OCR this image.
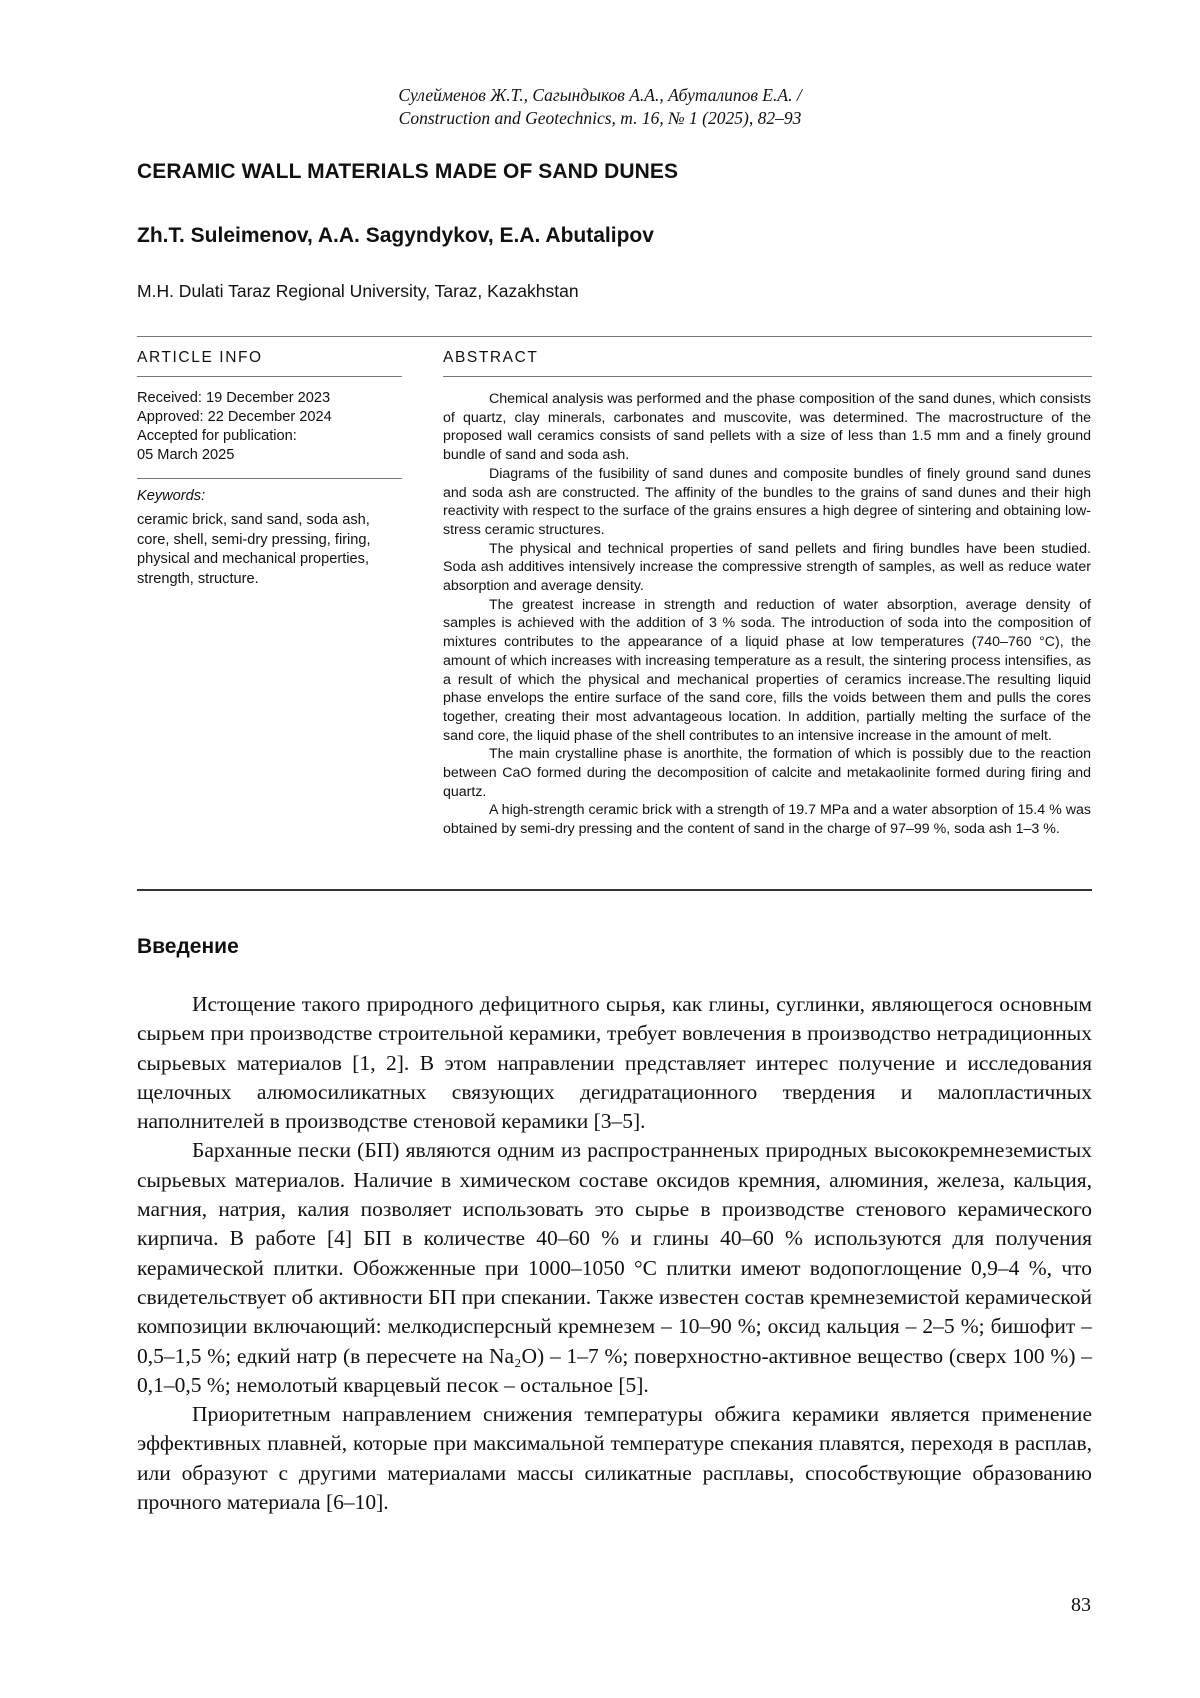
Сулейменов Ж.Т., Сагындыков А.А., Абуталипов Е.А. /
Construction and Geotechnics, т. 16, № 1 (2025), 82–93
CERAMIC WALL MATERIALS MADE OF SAND DUNES
Zh.T. Suleimenov, A.A. Sagyndykov, E.A. Abutalipov
M.H. Dulati Taraz Regional University, Taraz, Kazakhstan
ARTICLE INFO	ABSTRACT
Received: 19 December 2023
Approved: 22 December 2024
Accepted for publication:
05 March 2025
Keywords:
ceramic brick, sand sand, soda ash, core, shell, semi-dry pressing, firing, physical and mechanical properties, strength, structure.

Chemical analysis was performed and the phase composition of the sand dunes, which consists of quartz, clay minerals, carbonates and muscovite, was determined. The macrostructure of the proposed wall ceramics consists of sand pellets with a size of less than 1.5 mm and a finely ground bundle of sand and soda ash.

Diagrams of the fusibility of sand dunes and composite bundles of finely ground sand dunes and soda ash are constructed. The affinity of the bundles to the grains of sand dunes and their high reactivity with respect to the surface of the grains ensures a high degree of sintering and obtaining low-stress ceramic structures.

The physical and technical properties of sand pellets and firing bundles have been studied. Soda ash additives intensively increase the compressive strength of samples, as well as reduce water absorption and average density.

The greatest increase in strength and reduction of water absorption, average density of samples is achieved with the addition of 3 % soda. The introduction of soda into the composition of mixtures contributes to the appearance of a liquid phase at low temperatures (740–760 °C), the amount of which increases with increasing temperature as a result, the sintering process intensifies, as a result of which the physical and mechanical properties of ceramics increase.The resulting liquid phase envelops the entire surface of the sand core, fills the voids between them and pulls the cores together, creating their most advantageous location. In addition, partially melting the surface of the sand core, the liquid phase of the shell contributes to an intensive increase in the amount of melt.

The main crystalline phase is anorthite, the formation of which is possibly due to the reaction between CaO formed during the decomposition of calcite and metakaolinite formed during firing and quartz.

A high-strength ceramic brick with a strength of 19.7 MPa and a water absorption of 15.4 % was obtained by semi-dry pressing and the content of sand in the charge of 97–99 %, soda ash 1–3 %.

Введение

Истощение такого природного дефицитного сырья, как глины, суглинки, являющегося основным сырьем при производстве строительной керамики, требует вовлечения в производство нетрадиционных сырьевых материалов [1, 2]. В этом направлении представляет интерес получение и исследования щелочных алюмосиликатных связующих дегидратационного твердения и малопластичных наполнителей в производстве стеновой керамики [3–5].

Барханные пески (БП) являются одним из распространненых природных высококремнеземистых сырьевых материалов. Наличие в химическом составе оксидов кремния, алюминия, железа, кальция, магния, натрия, калия позволяет использовать это сырье в производстве стенового керамического кирпича. В работе [4] БП в количестве 40–60 % и глины 40–60 % используются для получения керамической плитки. Обожженные при 1000–1050 °С плитки имеют водопоглощение 0,9–4 %, что свидетельствует об активности БП при спекании. Также известен состав кремнеземистой керамической композиции включающий: мелкодисперсный кремнезем – 10–90 %; оксид кальция – 2–5 %; бишофит – 0,5–1,5 %; едкий натр (в пересчете на Na₂O) – 1–7 %; поверхностно-активное вещество (сверх 100 %) – 0,1–0,5 %; немолотый кварцевый песок – остальное [5].

Приоритетным направлением снижения температуры обжига керамики является применение эффективных плавней, которые при максимальной температуре спекания плавятся, переходя в расплав, или образуют с другими материалами массы силикатные расплавы, способствующие образованию прочного материала [6–10].

83
